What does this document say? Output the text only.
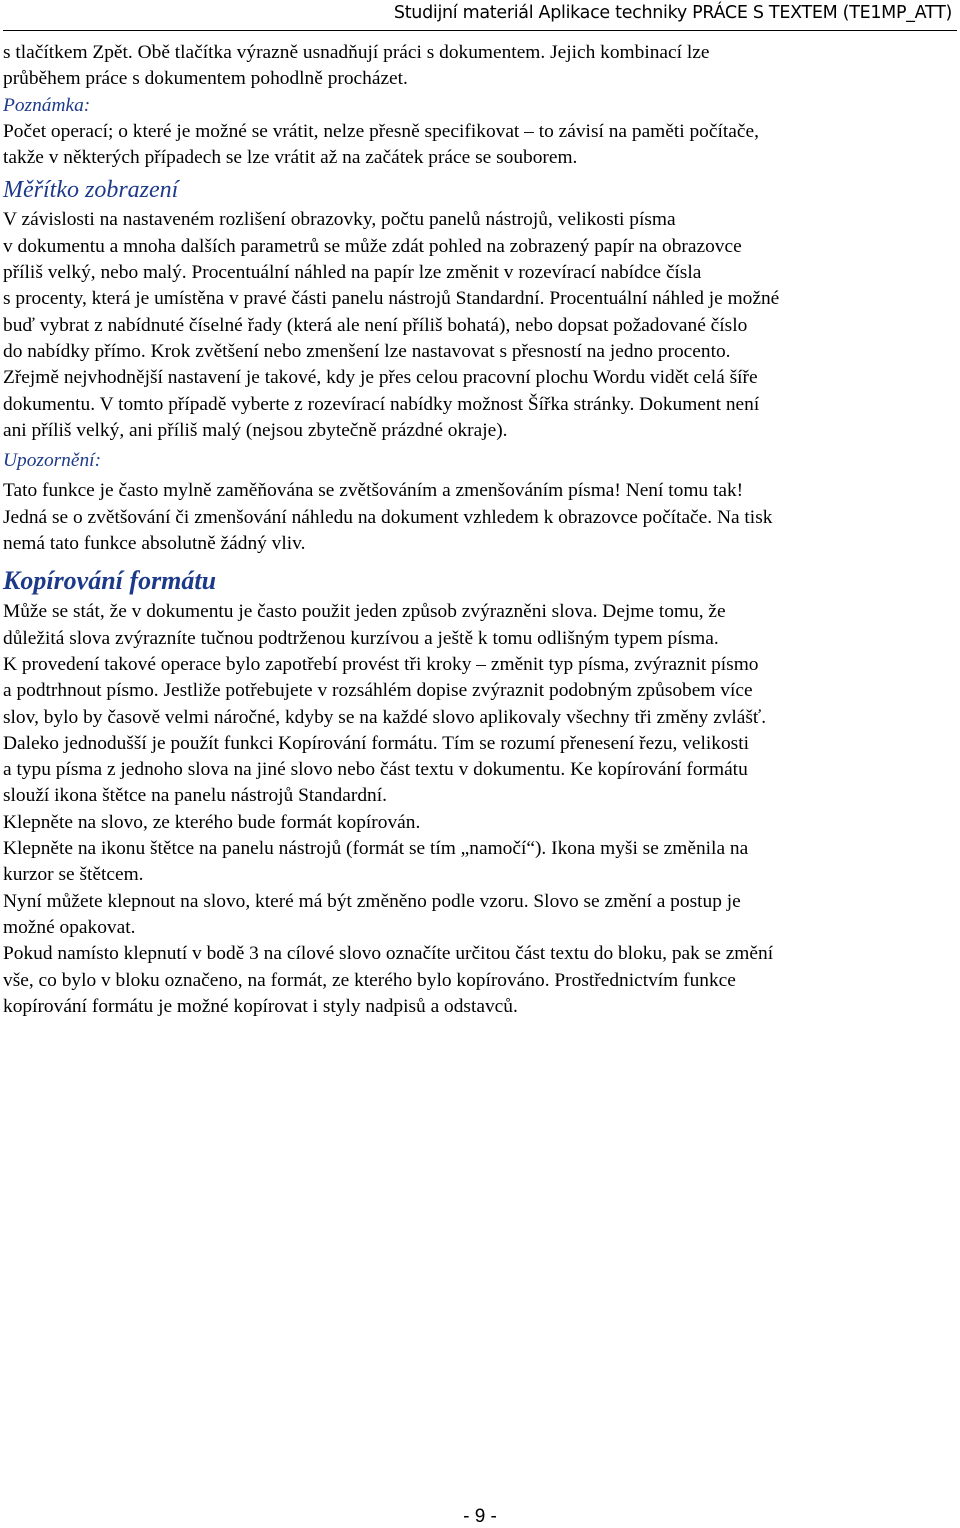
Studijní materiál Aplikace techniky PRÁCE S TEXTEM (TE1MP_ATT)
s tlačítkem Zpět. Obě tlačítka výrazně usnadňují práci s dokumentem. Jejich kombinací lze
průběhem práce s dokumentem pohodlně procházet.
Poznámka:
Počet operací; o které je možné se vrátit, nelze přesně specifikovat – to závisí na paměti počítače,
takže v některých případech se lze vrátit až na začátek práce se souborem.
Měřítko zobrazení
V závislosti na nastaveném rozlišení obrazovky, počtu panelů nástrojů, velikosti písma
v dokumentu a mnoha dalších parametrů se může zdát pohled na zobrazený papír na obrazovce
příliš velký, nebo malý. Procentuální náhled na papír lze změnit v rozevírací nabídce čísla
s procenty, která je umístěna v pravé části panelu nástrojů Standardní. Procentuální náhled je možné
buď vybrat z nabídnuté číselné řady (která ale není příliš bohatá), nebo dopsat požadované číslo
do nabídky přímo. Krok zvětšení nebo zmenšení lze nastavovat s přesností na jedno procento.
Zřejmě nejvhodnější nastavení je takové, kdy je přes celou pracovní plochu Wordu vidět celá šíře
dokumentu. V tomto případě vyberte z rozevírací nabídky možnost Šířka stránky. Dokument není
ani příliš velký, ani příliš malý (nejsou zbytečně prázdné okraje).
Upozornění:
Tato funkce je často mylně zaměňována se zvětšováním a zmenšováním písma! Není tomu tak!
Jedná se o zvětšování či zmenšování náhledu na dokument vzhledem k obrazovce počítače. Na tisk
nemá tato funkce absolutně žádný vliv.
Kopírování formátu
Může se stát, že v dokumentu je často použit jeden způsob zvýrazněni slova. Dejme tomu, že
důležitá slova zvýrazníte tučnou podtrženou kurzívou a ještě k tomu odlišným typem písma.
K provedení takové operace bylo zapotřebí provést tři kroky – změnit typ písma, zvýraznit písmo
a podtrhnout písmo. Jestliže potřebujete v rozsáhlém dopise zvýraznit podobným způsobem více
slov, bylo by časově velmi náročné, kdyby se na každé slovo aplikovaly všechny tři změny zvlášť.
Daleko jednodušší je použít funkci Kopírování formátu. Tím se rozumí přenesení řezu, velikosti
a typu písma z jednoho slova na jiné slovo nebo část textu v dokumentu. Ke kopírování formátu
slouží ikona štětce na panelu nástrojů Standardní.
Klepněte na slovo, ze kterého bude formát kopírován.
Klepněte na ikonu štětce na panelu nástrojů (formát se tím „namočí“). Ikona myši se změnila na
kurzor se štětcem.
Nyní můžete klepnout na slovo, které má být změněno podle vzoru. Slovo se změní a postup je
možné opakovat.
Pokud namísto klepnutí v bodě 3 na cílové slovo označíte určitou část textu do bloku, pak se změní
vše, co bylo v bloku označeno, na formát, ze kterého bylo kopírováno. Prostřednictvím funkce
kopírování formátu je možné kopírovat i styly nadpisů a odstavců.
- 9 -
